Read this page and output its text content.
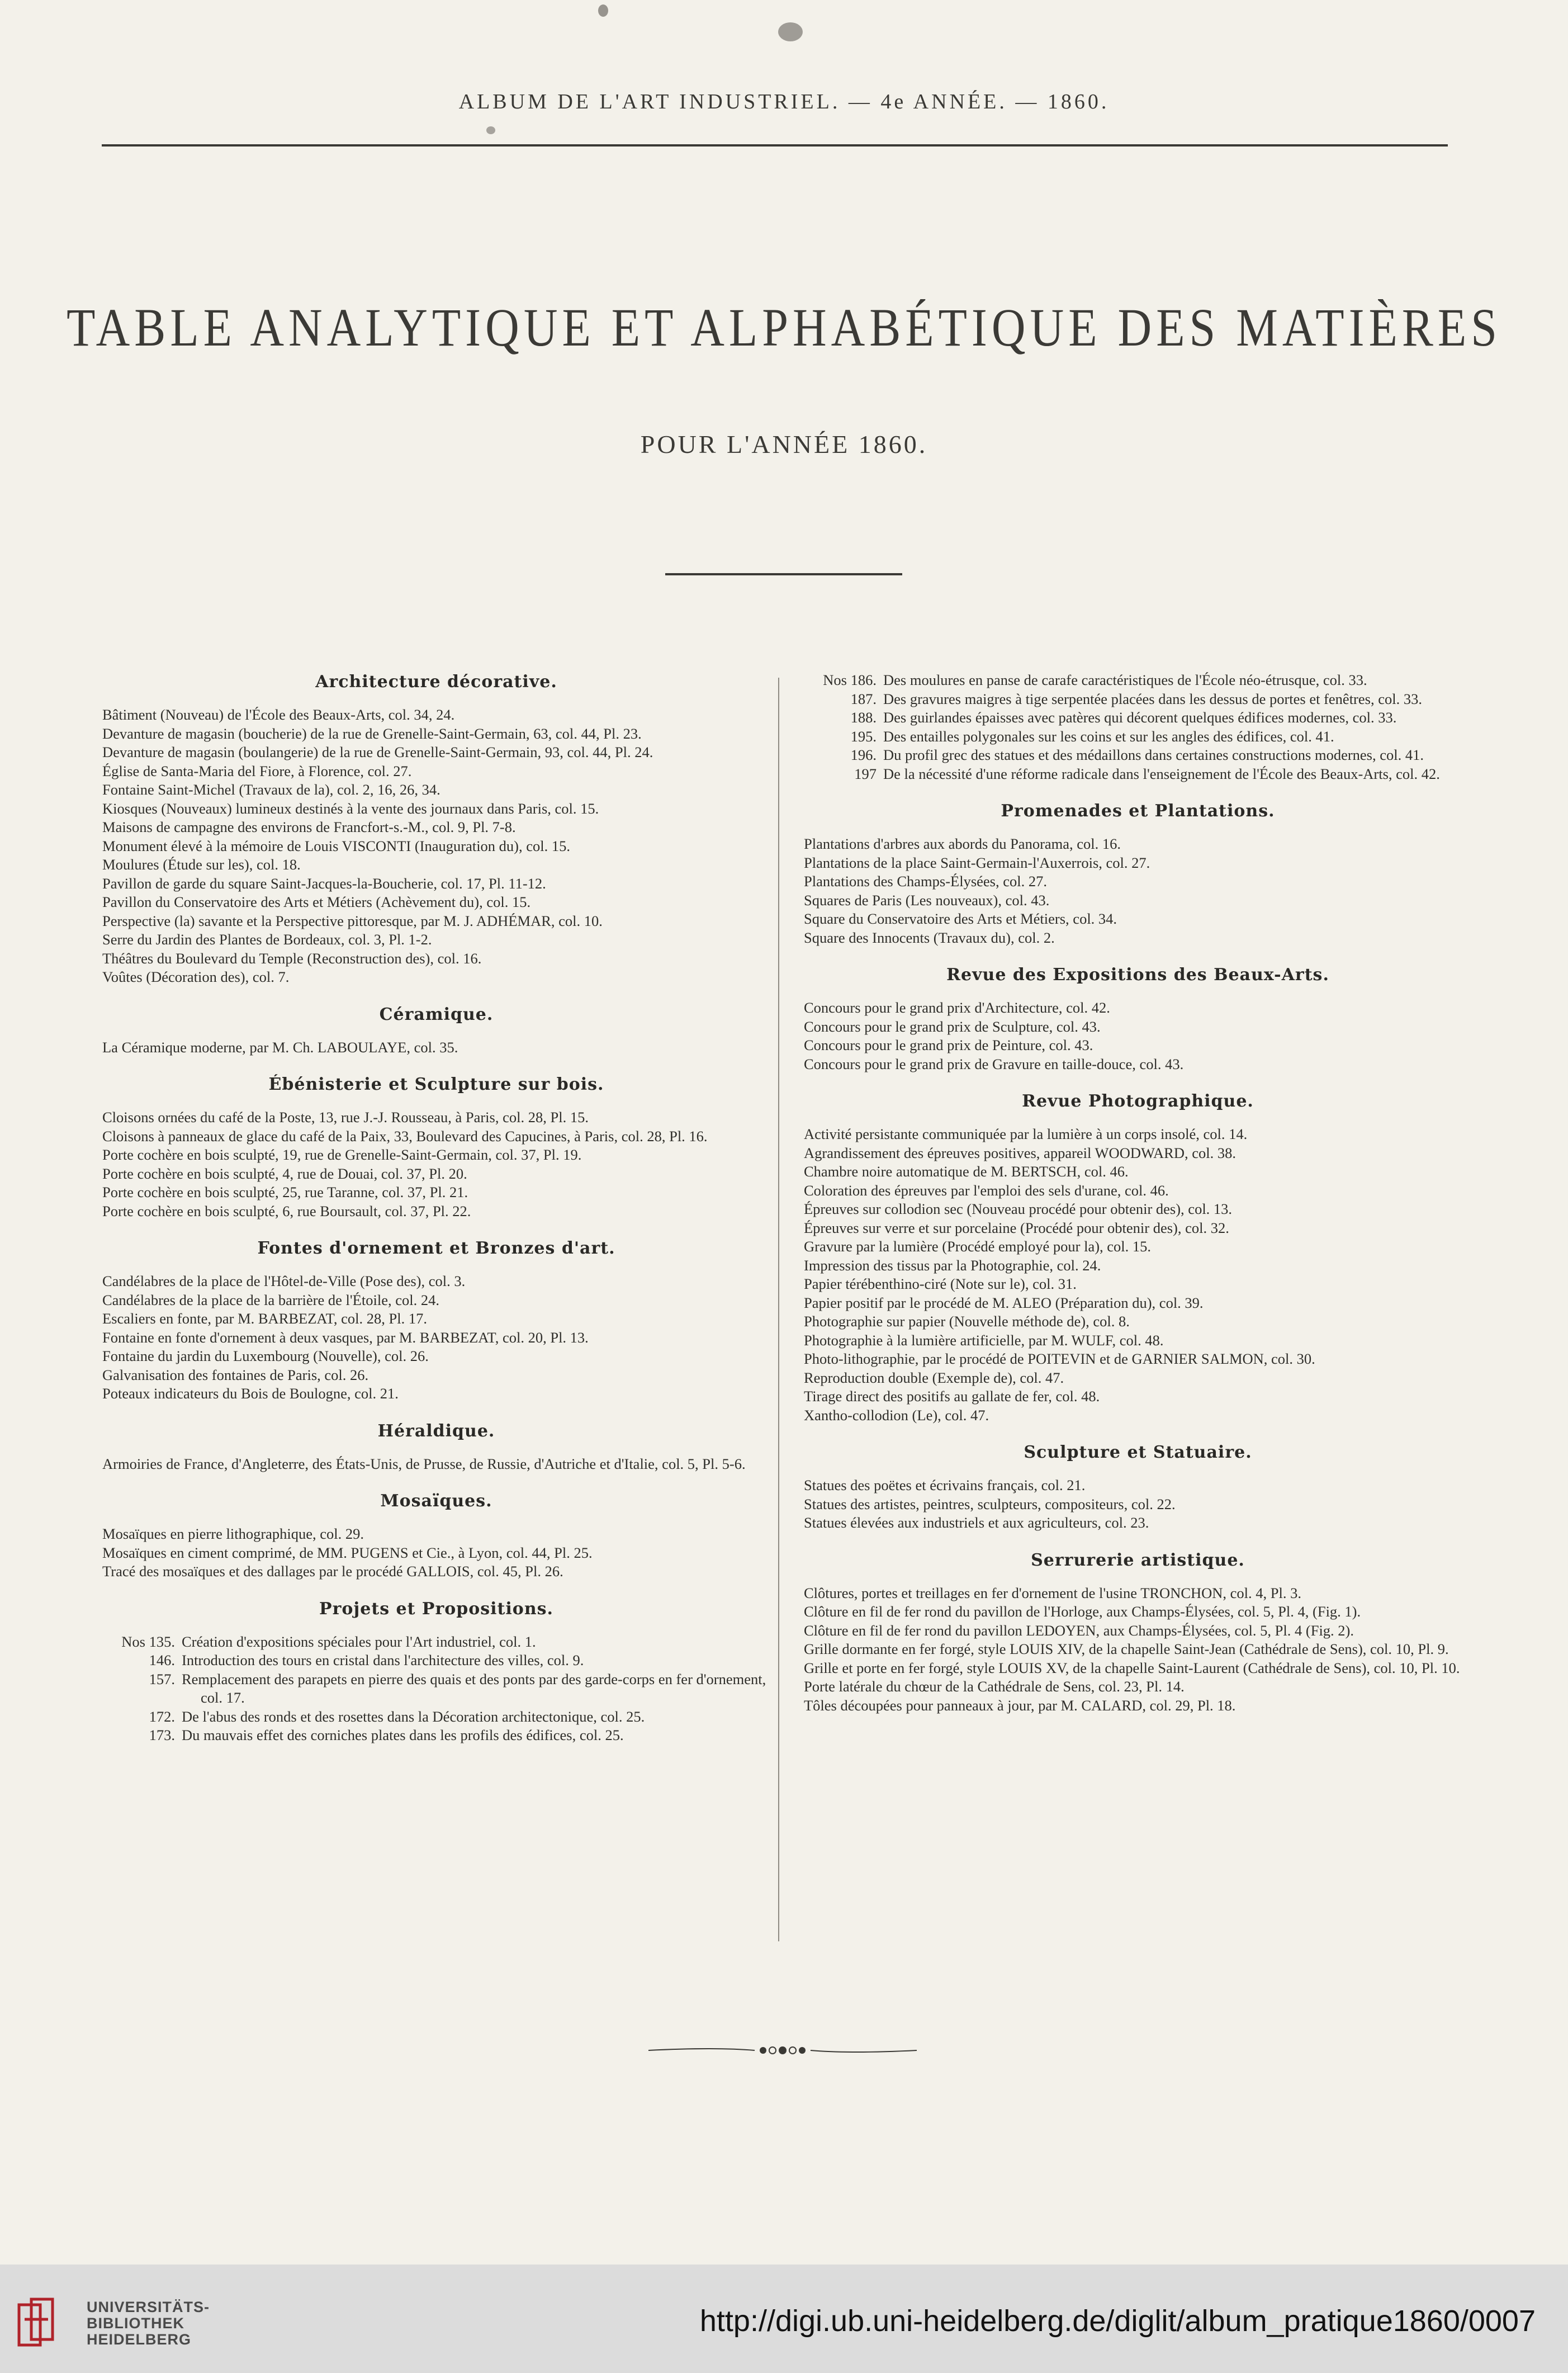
ALBUM DE L'ART INDUSTRIEL. — 4e ANNÉE. — 1860.
TABLE ANALYTIQUE ET ALPHABÉTIQUE DES MATIÈRES
POUR L'ANNÉE 1860.
Architecture décorative.
Bâtiment (Nouveau) de l'École des Beaux-Arts, col. 34, 24.
Devanture de magasin (boucherie) de la rue de Grenelle-Saint-Germain, 63, col. 44, Pl. 23.
Devanture de magasin (boulangerie) de la rue de Grenelle-Saint-Germain, 93, col. 44, Pl. 24.
Église de Santa-Maria del Fiore, à Florence, col. 27.
Fontaine Saint-Michel (Travaux de la), col. 2, 16, 26, 34.
Kiosques (Nouveaux) lumineux destinés à la vente des journaux dans Paris, col. 15.
Maisons de campagne des environs de Francfort-s.-M., col. 9, Pl. 7-8.
Monument élevé à la mémoire de Louis VISCONTI (Inauguration du), col. 15.
Moulures (Étude sur les), col. 18.
Pavillon de garde du square Saint-Jacques-la-Boucherie, col. 17, Pl. 11-12.
Pavillon du Conservatoire des Arts et Métiers (Achèvement du), col. 15.
Perspective (la) savante et la Perspective pittoresque, par M. J. ADHÉMAR, col. 10.
Serre du Jardin des Plantes de Bordeaux, col. 3, Pl. 1-2.
Théâtres du Boulevard du Temple (Reconstruction des), col. 16.
Voûtes (Décoration des), col. 7.
Céramique.
La Céramique moderne, par M. Ch. LABOULAYE, col. 35.
Ébénisterie et Sculpture sur bois.
Cloisons ornées du café de la Poste, 13, rue J.-J. Rousseau, à Paris, col. 28, Pl. 15.
Cloisons à panneaux de glace du café de la Paix, 33, Boulevard des Capucines, à Paris, col. 28, Pl. 16.
Porte cochère en bois sculpté, 19, rue de Grenelle-Saint-Germain, col. 37, Pl. 19.
Porte cochère en bois sculpté, 4, rue de Douai, col. 37, Pl. 20.
Porte cochère en bois sculpté, 25, rue Taranne, col. 37, Pl. 21.
Porte cochère en bois sculpté, 6, rue Boursault, col. 37, Pl. 22.
Fontes d'ornement et Bronzes d'art.
Candélabres de la place de l'Hôtel-de-Ville (Pose des), col. 3.
Candélabres de la place de la barrière de l'Étoile, col. 24.
Escaliers en fonte, par M. BARBEZAT, col. 28, Pl. 17.
Fontaine en fonte d'ornement à deux vasques, par M. BARBEZAT, col. 20, Pl. 13.
Fontaine du jardin du Luxembourg (Nouvelle), col. 26.
Galvanisation des fontaines de Paris, col. 26.
Poteaux indicateurs du Bois de Boulogne, col. 21.
Héraldique.
Armoiries de France, d'Angleterre, des États-Unis, de Prusse, de Russie, d'Autriche et d'Italie, col. 5, Pl. 5-6.
Mosaïques.
Mosaïques en pierre lithographique, col. 29.
Mosaïques en ciment comprimé, de MM. PUGENS et Cie., à Lyon, col. 44, Pl. 25.
Tracé des mosaïques et des dallages par le procédé GALLOIS, col. 45, Pl. 26.
Projets et Propositions.
Nos 135. Création d'expositions spéciales pour l'Art industriel, col. 1.
146. Introduction des tours en cristal dans l'architecture des villes, col. 9.
157. Remplacement des parapets en pierre des quais et des ponts par des garde-corps en fer d'ornement, col. 17.
172. De l'abus des ronds et des rosettes dans la Décoration architectonique, col. 25.
173. Du mauvais effet des corniches plates dans les profils des édifices, col. 25.
Nos 186. Des moulures en panse de carafe caractéristiques de l'École néo-étrusque, col. 33.
187. Des gravures maigres à tige serpentée placées dans les dessus de portes et fenêtres, col. 33.
188. Des guirlandes épaisses avec patères qui décorent quelques édifices modernes, col. 33.
195. Des entailles polygonales sur les coins et sur les angles des édifices, col. 41.
196. Du profil grec des statues et des médaillons dans certaines constructions modernes, col. 41.
197 De la nécessité d'une réforme radicale dans l'enseignement de l'École des Beaux-Arts, col. 42.
Promenades et Plantations.
Plantations d'arbres aux abords du Panorama, col. 16.
Plantations de la place Saint-Germain-l'Auxerrois, col. 27.
Plantations des Champs-Élysées, col. 27.
Squares de Paris (Les nouveaux), col. 43.
Square du Conservatoire des Arts et Métiers, col. 34.
Square des Innocents (Travaux du), col. 2.
Revue des Expositions des Beaux-Arts.
Concours pour le grand prix d'Architecture, col. 42.
Concours pour le grand prix de Sculpture, col. 43.
Concours pour le grand prix de Peinture, col. 43.
Concours pour le grand prix de Gravure en taille-douce, col. 43.
Revue Photographique.
Activité persistante communiquée par la lumière à un corps insolé, col. 14.
Agrandissement des épreuves positives, appareil WOODWARD, col. 38.
Chambre noire automatique de M. BERTSCH, col. 46.
Coloration des épreuves par l'emploi des sels d'urane, col. 46.
Épreuves sur collodion sec (Nouveau procédé pour obtenir des), col. 13.
Épreuves sur verre et sur porcelaine (Procédé pour obtenir des), col. 32.
Gravure par la lumière (Procédé employé pour la), col. 15.
Impression des tissus par la Photographie, col. 24.
Papier térébenthino-ciré (Note sur le), col. 31.
Papier positif par le procédé de M. ALEO (Préparation du), col. 39.
Photographie sur papier (Nouvelle méthode de), col. 8.
Photographie à la lumière artificielle, par M. WULF, col. 48.
Photo-lithographie, par le procédé de POITEVIN et de GARNIER SALMON, col. 30.
Reproduction double (Exemple de), col. 47.
Tirage direct des positifs au gallate de fer, col. 48.
Xantho-collodion (Le), col. 47.
Sculpture et Statuaire.
Statues des poëtes et écrivains français, col. 21.
Statues des artistes, peintres, sculpteurs, compositeurs, col. 22.
Statues élevées aux industriels et aux agriculteurs, col. 23.
Serrurerie artistique.
Clôtures, portes et treillages en fer d'ornement de l'usine TRONCHON, col. 4, Pl. 3.
Clôture en fil de fer rond du pavillon de l'Horloge, aux Champs-Élysées, col. 5, Pl. 4, (Fig. 1).
Clôture en fil de fer rond du pavillon LEDOYEN, aux Champs-Élysées, col. 5, Pl. 4 (Fig. 2).
Grille dormante en fer forgé, style LOUIS XIV, de la chapelle Saint-Jean (Cathédrale de Sens), col. 10, Pl. 9.
Grille et porte en fer forgé, style LOUIS XV, de la chapelle Saint-Laurent (Cathédrale de Sens), col. 10, Pl. 10.
Porte latérale du chœur de la Cathédrale de Sens, col. 23, Pl. 14.
Tôles découpées pour panneaux à jour, par M. CALARD, col. 29, Pl. 18.
UNIVERSITÄTS-
BIBLIOTHEK
HEIDELBERG
http://digi.ub.uni-heidelberg.de/diglit/album_pratique1860/0007
